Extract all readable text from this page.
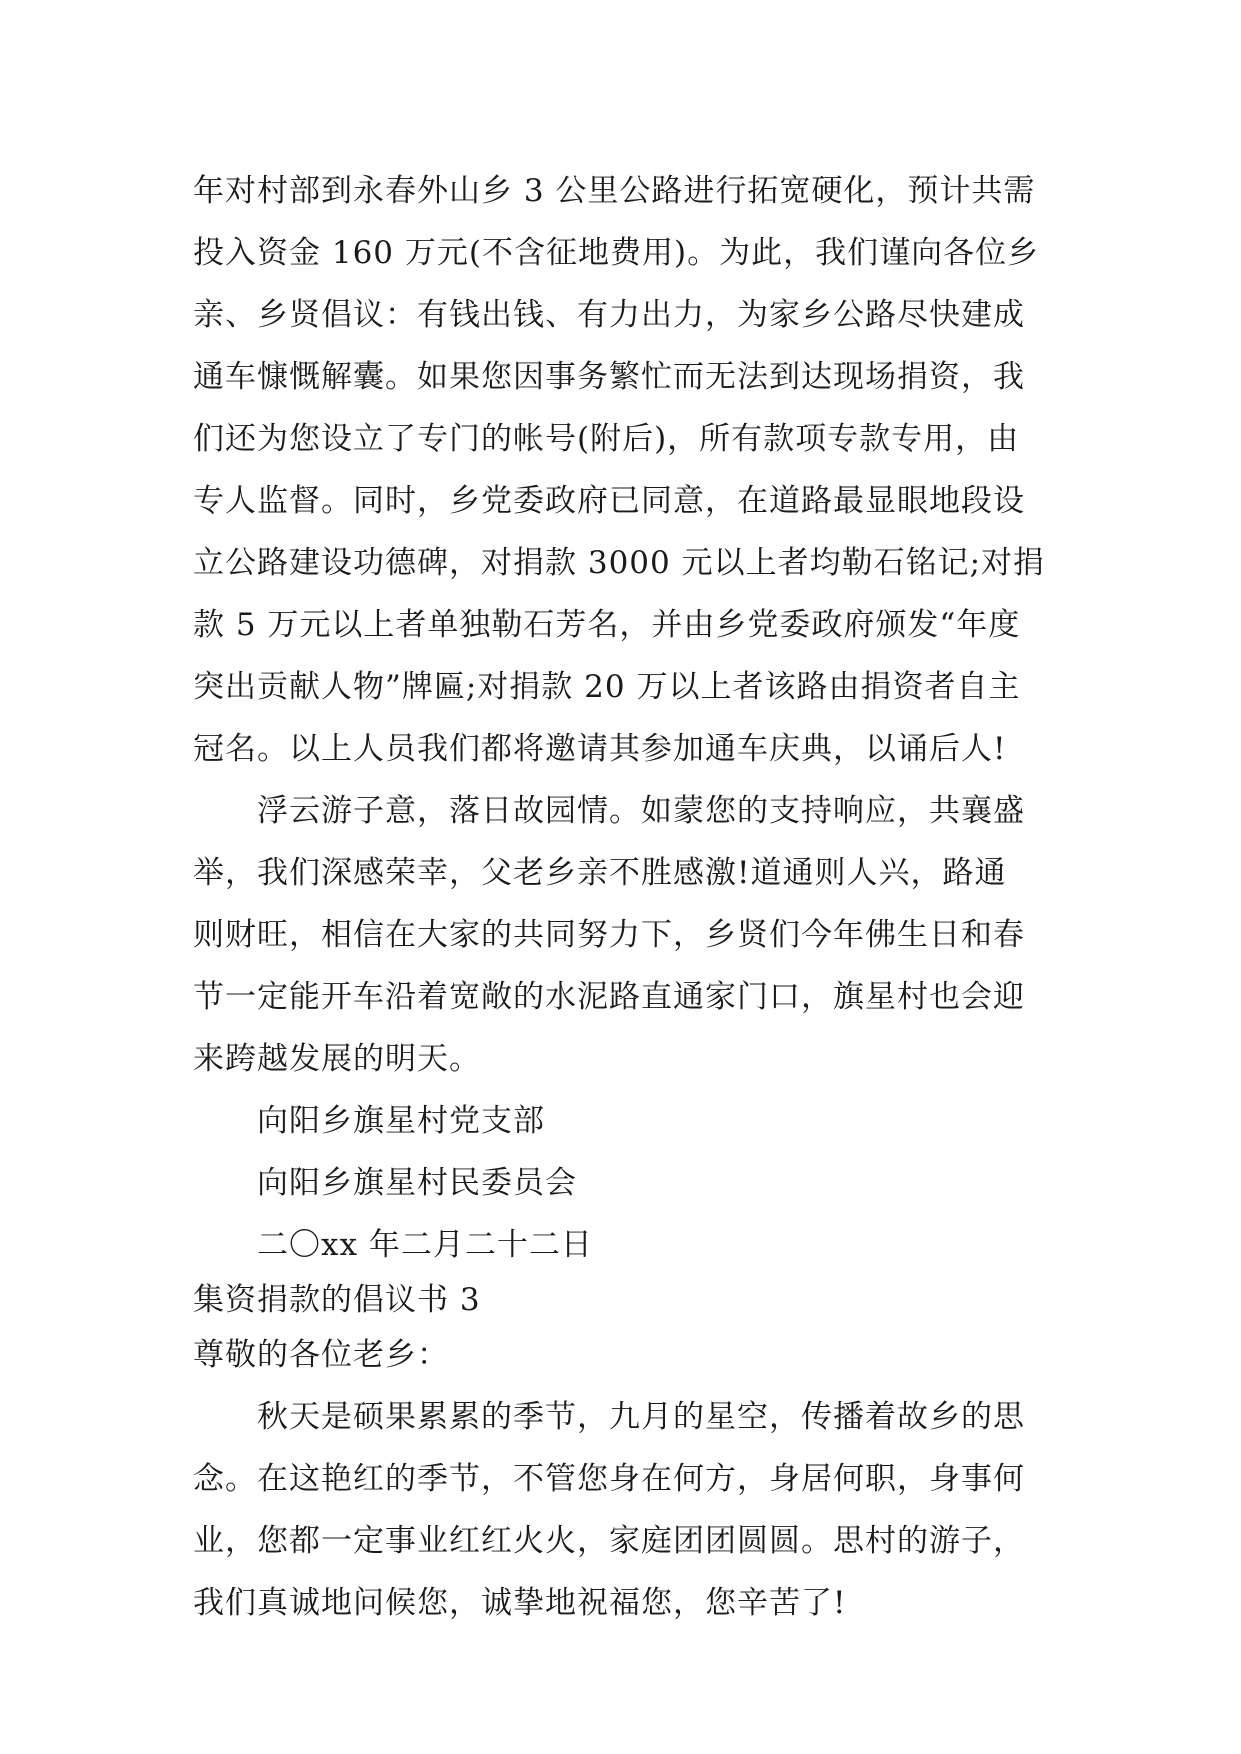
年对村部到永春外山乡 3 公里公路进行拓宽硬化，预计共需
投入资金 160 万元(不含征地费用)。为此，我们谨向各位乡
亲、乡贤倡议：有钱出钱、有力出力，为家乡公路尽快建成
通车慷慨解囊。如果您因事务繁忙而无法到达现场捐资，我
们还为您设立了专门的帐号(附后)，所有款项专款专用，由
专人监督。同时，乡党委政府已同意，在道路最显眼地段设
立公路建设功德碑，对捐款 3000 元以上者均勒石铭记;对捐
款 5 万元以上者单独勒石芳名，并由乡党委政府颁发“年度
突出贡献人物”牌匾;对捐款 20 万以上者该路由捐资者自主
冠名。以上人员我们都将邀请其参加通车庆典，以诵后人!
浮云游子意，落日故园情。如蒙您的支持响应，共襄盛
举，我们深感荣幸，父老乡亲不胜感激!道通则人兴，路通
则财旺，相信在大家的共同努力下，乡贤们今年佛生日和春
节一定能开车沿着宽敞的水泥路直通家门口，旗星村也会迎
来跨越发展的明天。
向阳乡旗星村党支部
向阳乡旗星村民委员会
二〇xx 年二月二十二日
集资捐款的倡议书 3
尊敬的各位老乡：
秋天是硕果累累的季节，九月的星空，传播着故乡的思
念。在这艳红的季节，不管您身在何方，身居何职，身事何
业，您都一定事业红红火火，家庭团团圆圆。思村的游子，
我们真诚地问候您，诚挚地祝福您，您辛苦了!
